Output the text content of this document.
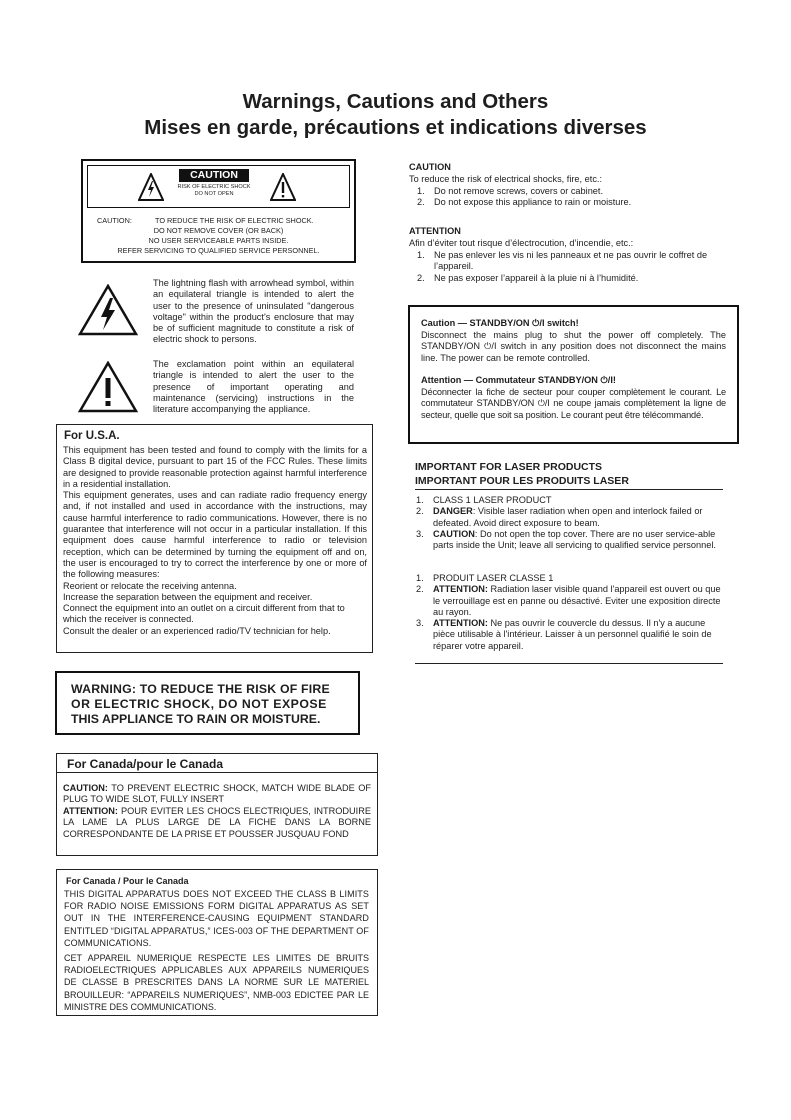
Warnings, Cautions and Others
Mises en garde, précautions et indications diverses
CAUTION
RISK OF ELECTRIC SHOCK
DO NOT OPEN
CAUTION:	TO REDUCE THE RISK OF ELECTRIC SHOCK.
DO NOT REMOVE COVER (OR BACK)
NO USER SERVICEABLE PARTS INSIDE.
REFER SERVICING TO QUALIFIED SERVICE PERSONNEL.
The lightning flash with arrowhead symbol, within an equilateral triangle is intended to alert the user to the presence of uninsulated "dangerous voltage" within the product's enclosure that may be of sufficient magnitude to constitute a risk of electric shock to persons.
The exclamation point within an equilateral triangle is intended to alert the user to the presence of important operating and maintenance (servicing) instructions in the literature accompanying the appliance.
For U.S.A.
This equipment has been tested and found to comply with the limits for a Class B digital device, pursuant to part 15 of the FCC Rules. These limits are designed to provide reasonable protection against harmful interference in a residential installation.
This equipment generates, uses and can radiate radio frequency energy and, if not installed and used in accordance with the instructions, may cause harmful interference to radio communications. However, there is no guarantee that interference will not occur in a particular installation. If this equipment does cause harmful interference to radio or television reception, which can be determined by turning the equipment off and on, the user is encouraged to try to correct the interference by one or more of the following measures:
Reorient or relocate the receiving antenna.
Increase the separation between the equipment and receiver.
Connect the equipment into an outlet on a circuit different from that to which the receiver is connected.
Consult the dealer or an experienced radio/TV technician for help.
WARNING: TO REDUCE THE RISK OF FIRE
OR ELECTRIC SHOCK, DO NOT EXPOSE
THIS APPLIANCE TO RAIN OR MOISTURE.
For Canada/pour le Canada
CAUTION: TO PREVENT ELECTRIC SHOCK, MATCH WIDE BLADE OF PLUG TO WIDE SLOT, FULLY INSERT
ATTENTION: POUR EVITER LES CHOCS ELECTRIQUES, INTRODUIRE LA LAME LA PLUS LARGE DE LA FICHE DANS LA BORNE CORRESPONDANTE DE LA PRISE ET POUSSER JUSQUAU FOND
For Canada / Pour le Canada
THIS DIGITAL APPARATUS DOES NOT EXCEED THE CLASS B LIMITS FOR RADIO NOISE EMISSIONS FORM DIGITAL APPARATUS AS SET OUT IN THE INTERFERENCE-CAUSING EQUIPMENT STANDARD ENTITLED “DIGITAL APPARATUS,” ICES-003 OF THE DEPARTMENT OF COMMUNICATIONS.
CET APPAREIL NUMERIQUE RESPECTE LES LIMITES DE BRUITS RADIOELECTRIQUES APPLICABLES AUX APPAREILS NUMERIQUES DE CLASSE B PRESCRITES DANS LA NORME SUR LE MATERIEL BROUILLEUR: “APPAREILS NUMERIQUES”, NMB-003 EDICTEE PAR LE MINISTRE DES COMMUNICATIONS.
CAUTION
To reduce the risk of electrical shocks, fire, etc.:
1. Do not remove screws, covers or cabinet.
2. Do not expose this appliance to rain or moisture.
ATTENTION
Afin d’éviter tout risque d’électrocution, d’incendie, etc.:
1. Ne pas enlever les vis ni les panneaux et ne pas ouvrir le coffret de l’appareil.
2. Ne pas exposer l’appareil à la pluie ni à l’humidité.
Caution — STANDBY/ON ⏻/I switch!
Disconnect the mains plug to shut the power off completely. The STANDBY/ON ⏻/I switch in any position does not disconnect the mains line. The power can be remote controlled.
Attention — Commutateur STANDBY/ON ⏻/I!
Déconnecter la fiche de secteur pour couper complètement le courant. Le commutateur STANDBY/ON ⏻/I ne coupe jamais complètement la ligne de secteur, quelle que soit sa position. Le courant peut être télécommandé.
IMPORTANT FOR LASER PRODUCTS
IMPORTANT POUR LES PRODUITS LASER
1. CLASS 1 LASER PRODUCT
2. DANGER: Visible laser radiation when open and interlock failed or defeated. Avoid direct exposure to beam.
3. CAUTION: Do not open the top cover. There are no user service-able parts inside the Unit; leave all servicing to qualified service personnel.
1. PRODUIT LASER CLASSE 1
2. ATTENTION: Radiation laser visible quand l'appareil est ouvert ou que le verrouillage est en panne ou désactivé. Eviter une exposition directe au rayon.
3. ATTENTION: Ne pas ouvrir le couvercle du dessus. Il n'y a aucune pièce utilisable à l'intérieur. Laisser à un personnel qualifié le soin de réparer votre appareil.
